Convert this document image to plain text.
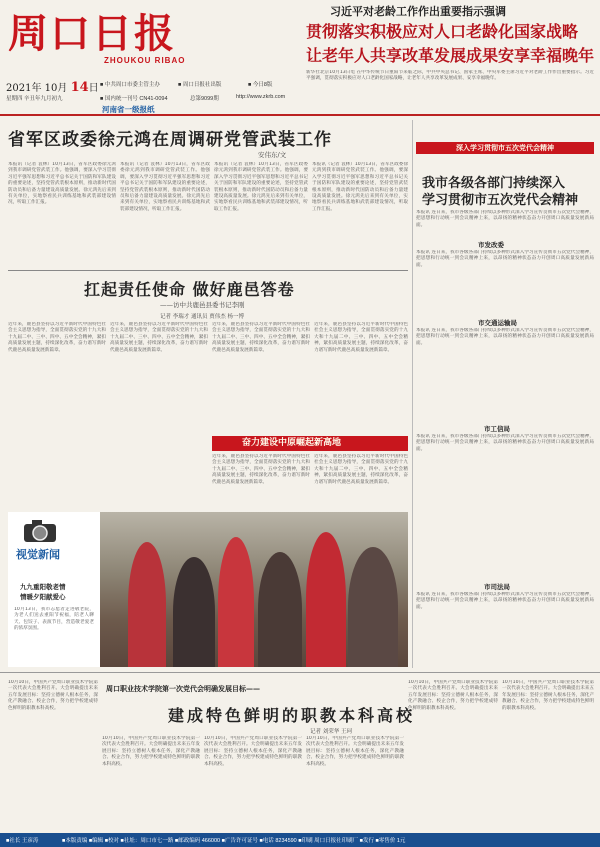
周口日报
ZHOUKOU RIBAO
习近平对老龄工作作出重要指示强调
贯彻落实积极应对人口老龄化国家战略
让老年人共享改革发展成果安享幸福晚年
新华社北京10月13日电 在中华传统节日重阳节来临之际，中共中央总书记、国家主席、中央军委主席习近平对老龄工作作出重要指示。习近平强调，贯彻落实积极应对人口老龄化国家战略，让老年人共享改革发展成果、安享幸福晚年。
2021年 10月 14日 ■ 中共周口市委主管主办	■ 周口日报社出版	■ 今日8版
星期四 辛丑年九月初九	■ 国内统一刊号 CN41-0094	总第9099期	http://www.zkrb.com
河南省一级报纸
省军区政委徐元鸿在周调研党管武装工作
安伟东/文
本报讯（记者 袁林）10月13日，省军区政委徐元鸿到我市调研党管武装工作。他强调，要深入学习贯彻习近平强军思想和习近平总书记关于国防和军队建设的重要论述，坚持党管武装根本原则，推动新时代国防动员和后备力量建设高质量发展。徐元鸿先后来到有关单位，实地察看民兵训练基地和武装部建设情况，听取工作汇报。
本报讯（记者 袁林）10月13日，省军区政委徐元鸿到我市调研党管武装工作。他强调，要深入学习贯彻习近平强军思想和习近平总书记关于国防和军队建设的重要论述，坚持党管武装根本原则，推动新时代国防动员和后备力量建设高质量发展。徐元鸿先后来到有关单位，实地察看民兵训练基地和武装部建设情况，听取工作汇报。
本报讯（记者 袁林）10月13日，省军区政委徐元鸿到我市调研党管武装工作。他强调，要深入学习贯彻习近平强军思想和习近平总书记关于国防和军队建设的重要论述，坚持党管武装根本原则，推动新时代国防动员和后备力量建设高质量发展。徐元鸿先后来到有关单位，实地察看民兵训练基地和武装部建设情况，听取工作汇报。
本报讯（记者 袁林）10月13日，省军区政委徐元鸿到我市调研党管武装工作。他强调，要深入学习贯彻习近平强军思想和习近平总书记关于国防和军队建设的重要论述，坚持党管武装根本原则，推动新时代国防动员和后备力量建设高质量发展。徐元鸿先后来到有关单位，实地察看民兵训练基地和武装部建设情况，听取工作汇报。
扛起责任使命 做好鹿邑答卷
——访中共鹿邑县委书记李刚
记者 李瑞才 通讯员 贾伟杰 杨一博
近年来，鹿邑县坚持以习近平新时代中国特色社会主义思想为指导，全面贯彻落实党的十九大和十九届二中、三中、四中、五中全会精神，紧扣高质量发展主题，持续深化改革，奋力谱写新时代鹿邑高质量发展新篇章。
近年来，鹿邑县坚持以习近平新时代中国特色社会主义思想为指导，全面贯彻落实党的十九大和十九届二中、三中、四中、五中全会精神，紧扣高质量发展主题，持续深化改革，奋力谱写新时代鹿邑高质量发展新篇章。
近年来，鹿邑县坚持以习近平新时代中国特色社会主义思想为指导，全面贯彻落实党的十九大和十九届二中、三中、四中、五中全会精神，紧扣高质量发展主题，持续深化改革，奋力谱写新时代鹿邑高质量发展新篇章。
近年来，鹿邑县坚持以习近平新时代中国特色社会主义思想为指导，全面贯彻落实党的十九大和十九届二中、三中、四中、五中全会精神，紧扣高质量发展主题，持续深化改革，奋力谱写新时代鹿邑高质量发展新篇章。
奋力建设中原崛起新高地
近年来，鹿邑县坚持以习近平新时代中国特色社会主义思想为指导，全面贯彻落实党的十九大和十九届二中、三中、四中、五中全会精神，紧扣高质量发展主题，持续深化改革，奋力谱写新时代鹿邑高质量发展新篇章。
近年来，鹿邑县坚持以习近平新时代中国特色社会主义思想为指导，全面贯彻落实党的十九大和十九届二中、三中、四中、五中全会精神，紧扣高质量发展主题，持续深化改革，奋力谱写新时代鹿邑高质量发展新篇章。
视觉新闻
九九重阳敬老情
情暖夕阳献爱心
10月13日，我市志愿者走进敬老院，为老人们送去重阳节祝福，陪老人聊天、包饺子、表演节目，营造敬老爱老的浓厚氛围。
深入学习贯彻市五次党代会精神
我市各级各部门持续深入
学习贯彻市五次党代会精神
本报讯 连日来，我市各级各部门持续以多种形式深入学习宣传贯彻市五次党代会精神，把思想和行动统一到会议精神上来，以昂扬的精神状态奋力开创周口高质量发展新局面。
市发改委
本报讯 连日来，我市各级各部门持续以多种形式深入学习宣传贯彻市五次党代会精神，把思想和行动统一到会议精神上来，以昂扬的精神状态奋力开创周口高质量发展新局面。
市交通运输局
本报讯 连日来，我市各级各部门持续以多种形式深入学习宣传贯彻市五次党代会精神，把思想和行动统一到会议精神上来，以昂扬的精神状态奋力开创周口高质量发展新局面。
市工信局
本报讯 连日来，我市各级各部门持续以多种形式深入学习宣传贯彻市五次党代会精神，把思想和行动统一到会议精神上来，以昂扬的精神状态奋力开创周口高质量发展新局面。
市司法局
本报讯 连日来，我市各级各部门持续以多种形式深入学习宣传贯彻市五次党代会精神，把思想和行动统一到会议精神上来，以昂扬的精神状态奋力开创周口高质量发展新局面。
10月10日，中国共产党周口职业技术学院第一次代表大会胜利召开。大会明确提出未来五年发展目标：坚持立德树人根本任务，深化产教融合、校企合作，努力把学校建成特色鲜明的职教本科高校。
周口职业技术学院第一次党代会明确发展目标——
建成特色鲜明的职教本科高校
记者 刘荣华 王珂
10月10日，中国共产党周口职业技术学院第一次代表大会胜利召开。大会明确提出未来五年发展目标：坚持立德树人根本任务，深化产教融合、校企合作，努力把学校建成特色鲜明的职教本科高校。
10月10日，中国共产党周口职业技术学院第一次代表大会胜利召开。大会明确提出未来五年发展目标：坚持立德树人根本任务，深化产教融合、校企合作，努力把学校建成特色鲜明的职教本科高校。
10月10日，中国共产党周口职业技术学院第一次代表大会胜利召开。大会明确提出未来五年发展目标：坚持立德树人根本任务，深化产教融合、校企合作，努力把学校建成特色鲜明的职教本科高校。
10月10日，中国共产党周口职业技术学院第一次代表大会胜利召开。大会明确提出未来五年发展目标：坚持立德树人根本任务，深化产教融合、校企合作，努力把学校建成特色鲜明的职教本科高校。
10月10日，中国共产党周口职业技术学院第一次代表大会胜利召开。大会明确提出未来五年发展目标：坚持立德树人根本任务，深化产教融合、校企合作，努力把学校建成特色鲜明的职教本科高校。
■社长 王彦涛	■本版责编 ■编辑 ■校对 ■社址：周口市七一路 ■邮政编码 466000 ■广告许可证号 ■电话 8234590 ■印刷 周口日报社印刷厂 ■发行 ■零售价 1元
